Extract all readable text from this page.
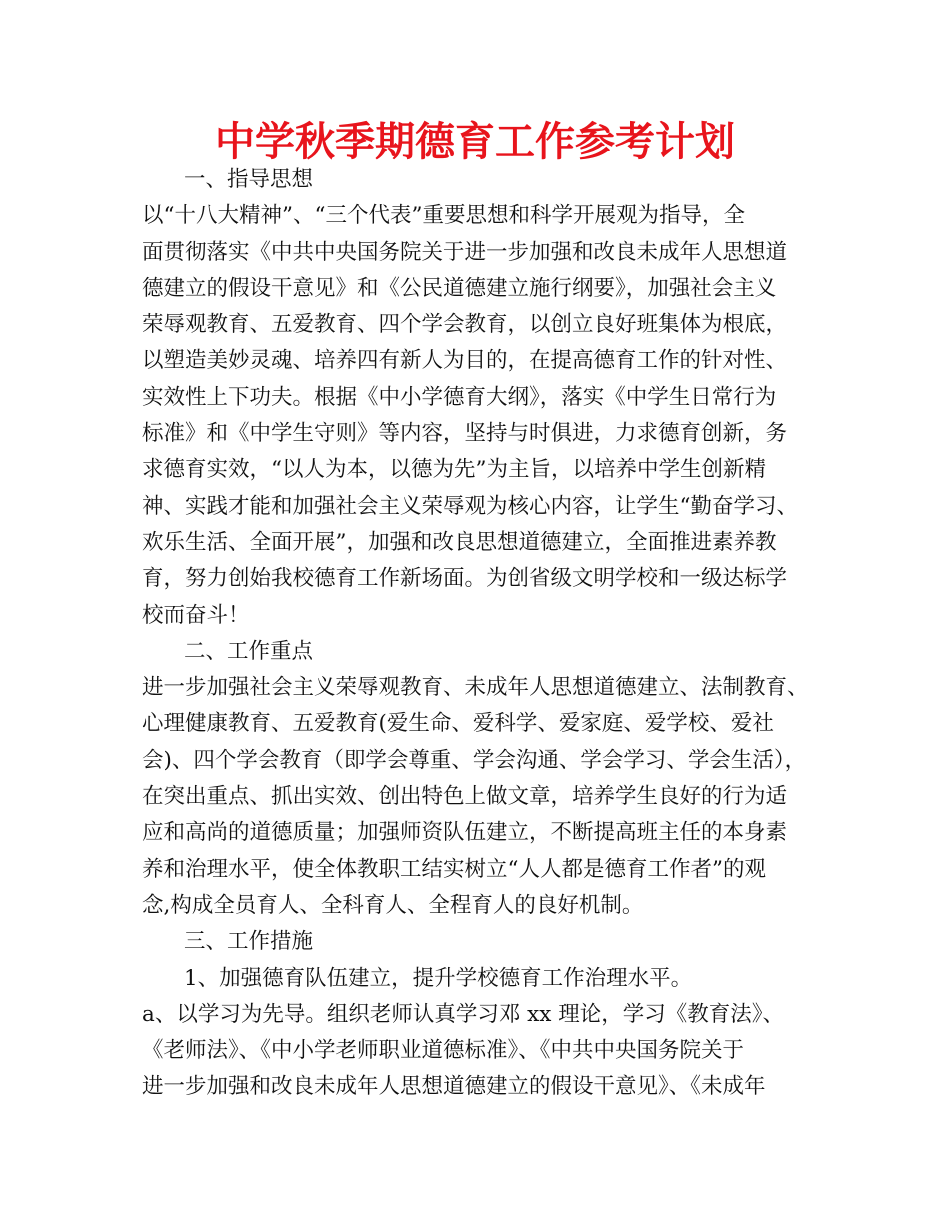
中学秋季期德育工作参考计划

一、指导思想

以“十八大精神”、“三个代表”重要思想和科学开展观为指导，全

面贯彻落实《中共中央国务院关于进一步加强和改良未成年人思想道

德建立的假设干意见》和《公民道德建立施行纲要》，加强社会主义

荣辱观教育、五爱教育、四个学会教育，以创立良好班集体为根底，

以塑造美妙灵魂、培养四有新人为目的，在提高德育工作的针对性、

实效性上下功夫。根据《中小学德育大纲》，落实《中学生日常行为

标准》和《中学生守则》等内容，坚持与时俱进，力求德育创新，务

求德育实效，“以人为本，以德为先”为主旨，以培养中学生创新精

神、实践才能和加强社会主义荣辱观为核心内容，让学生“勤奋学习、

欢乐生活、全面开展”，加强和改良思想道德建立，全面推进素养教

育，努力创始我校德育工作新场面。为创省级文明学校和一级达标学

校而奋斗！

二、工作重点

进一步加强社会主义荣辱观教育、未成年人思想道德建立、法制教育、

心理健康教育、五爱教育(爱生命、爱科学、爱家庭、爱学校、爱社

会)、四个学会教育（即学会尊重、学会沟通、学会学习、学会生活），

在突出重点、抓出实效、创出特色上做文章，培养学生良好的行为适

应和高尚的道德质量；加强师资队伍建立，不断提高班主任的本身素

养和治理水平，使全体教职工结实树立“人人都是德育工作者”的观

念,构成全员育人、全科育人、全程育人的良好机制。

三、工作措施

1、加强德育队伍建立，提升学校德育工作治理水平。

a、以学习为先导。组织老师认真学习邓 xx 理论，学习《教育法》、

《老师法》、《中小学老师职业道德标准》、《中共中央国务院关于

进一步加强和改良未成年人思想道德建立的假设干意见》、《未成年
